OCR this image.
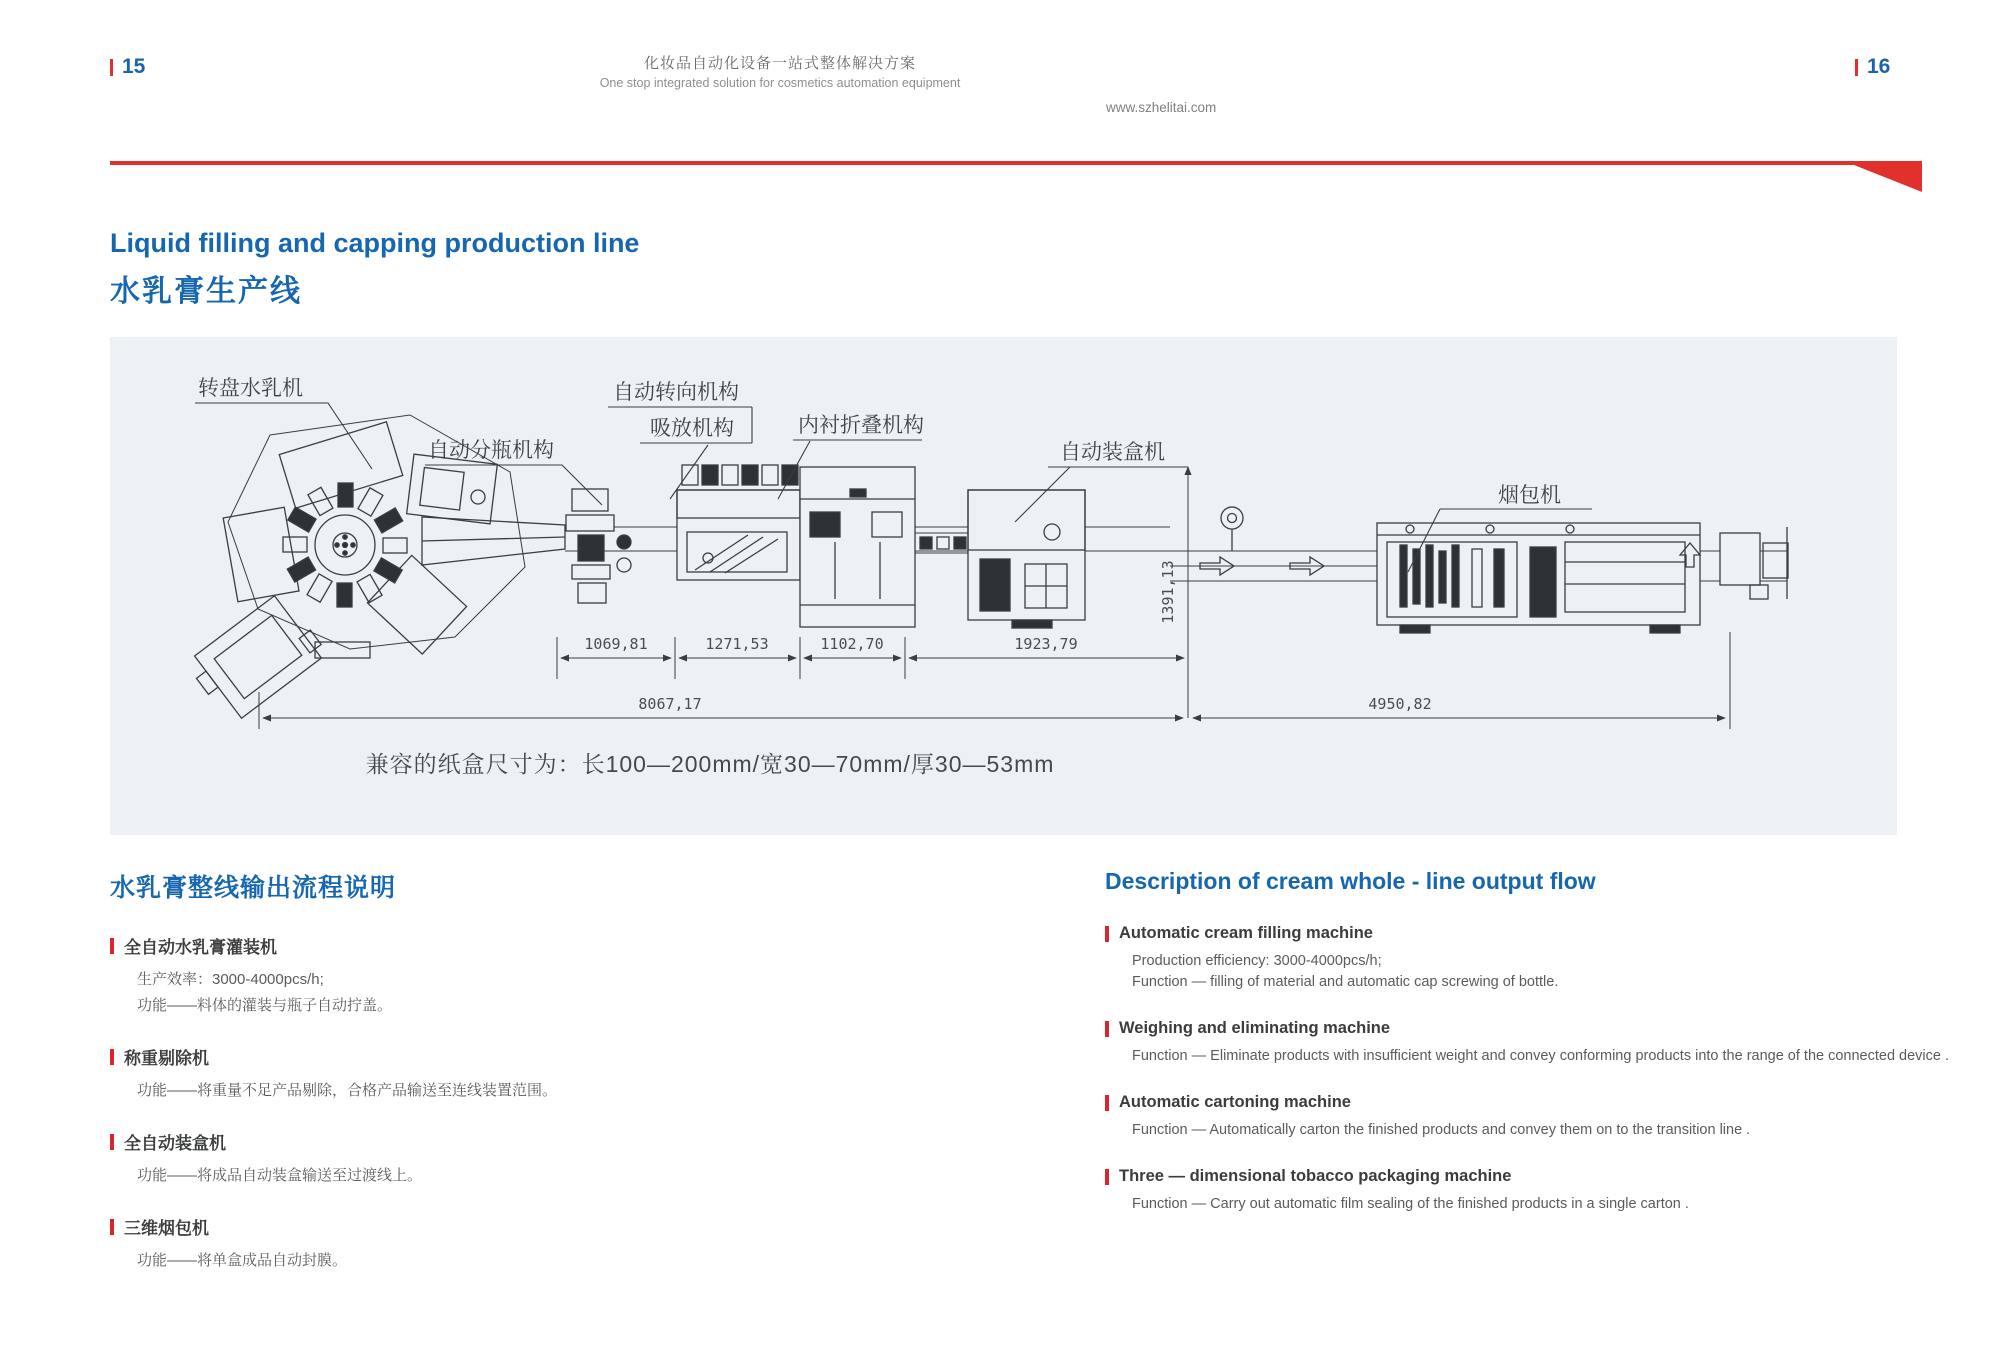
15	化妆品自动化设备一站式整体解决方案
One stop integrated solution for cosmetics automation equipment
www.szhelitai.com
16
Liquid filling and capping production line
水乳膏生产线
转盘水乳机
自动分瓶机构
自动转向机构
吸放机构	内衬折叠机构
自动装盒机
烟包机
1069,81	1271,53	1102,70	1923,79
8067,17	4950,82
1391,13
兼容的纸盒尺寸为：长100—200mm/宽30—70mm/厚30—53mm
水乳膏整线输出流程说明
全自动水乳膏灌装机
生产效率：3000-4000pcs/h;
功能——料体的灌装与瓶子自动拧盖。
称重剔除机
功能——将重量不足产品剔除，合格产品输送至连线装置范围。
全自动装盒机
功能——将成品自动装盒输送至过渡线上。
三维烟包机
功能——将单盒成品自动封膜。
Description of cream whole - line output flow
Automatic cream filling machine
Production efficiency: 3000-4000pcs/h;
Function — filling of material and automatic cap screwing of bottle.
Weighing and eliminating machine
Function — Eliminate products with insufficient weight and convey conforming products into the range of the connected device .
Automatic cartoning machine
Function — Automatically carton the finished products and convey them on to the transition line .
Three — dimensional tobacco packaging machine
Function — Carry out automatic film sealing of the finished products in a single carton .
